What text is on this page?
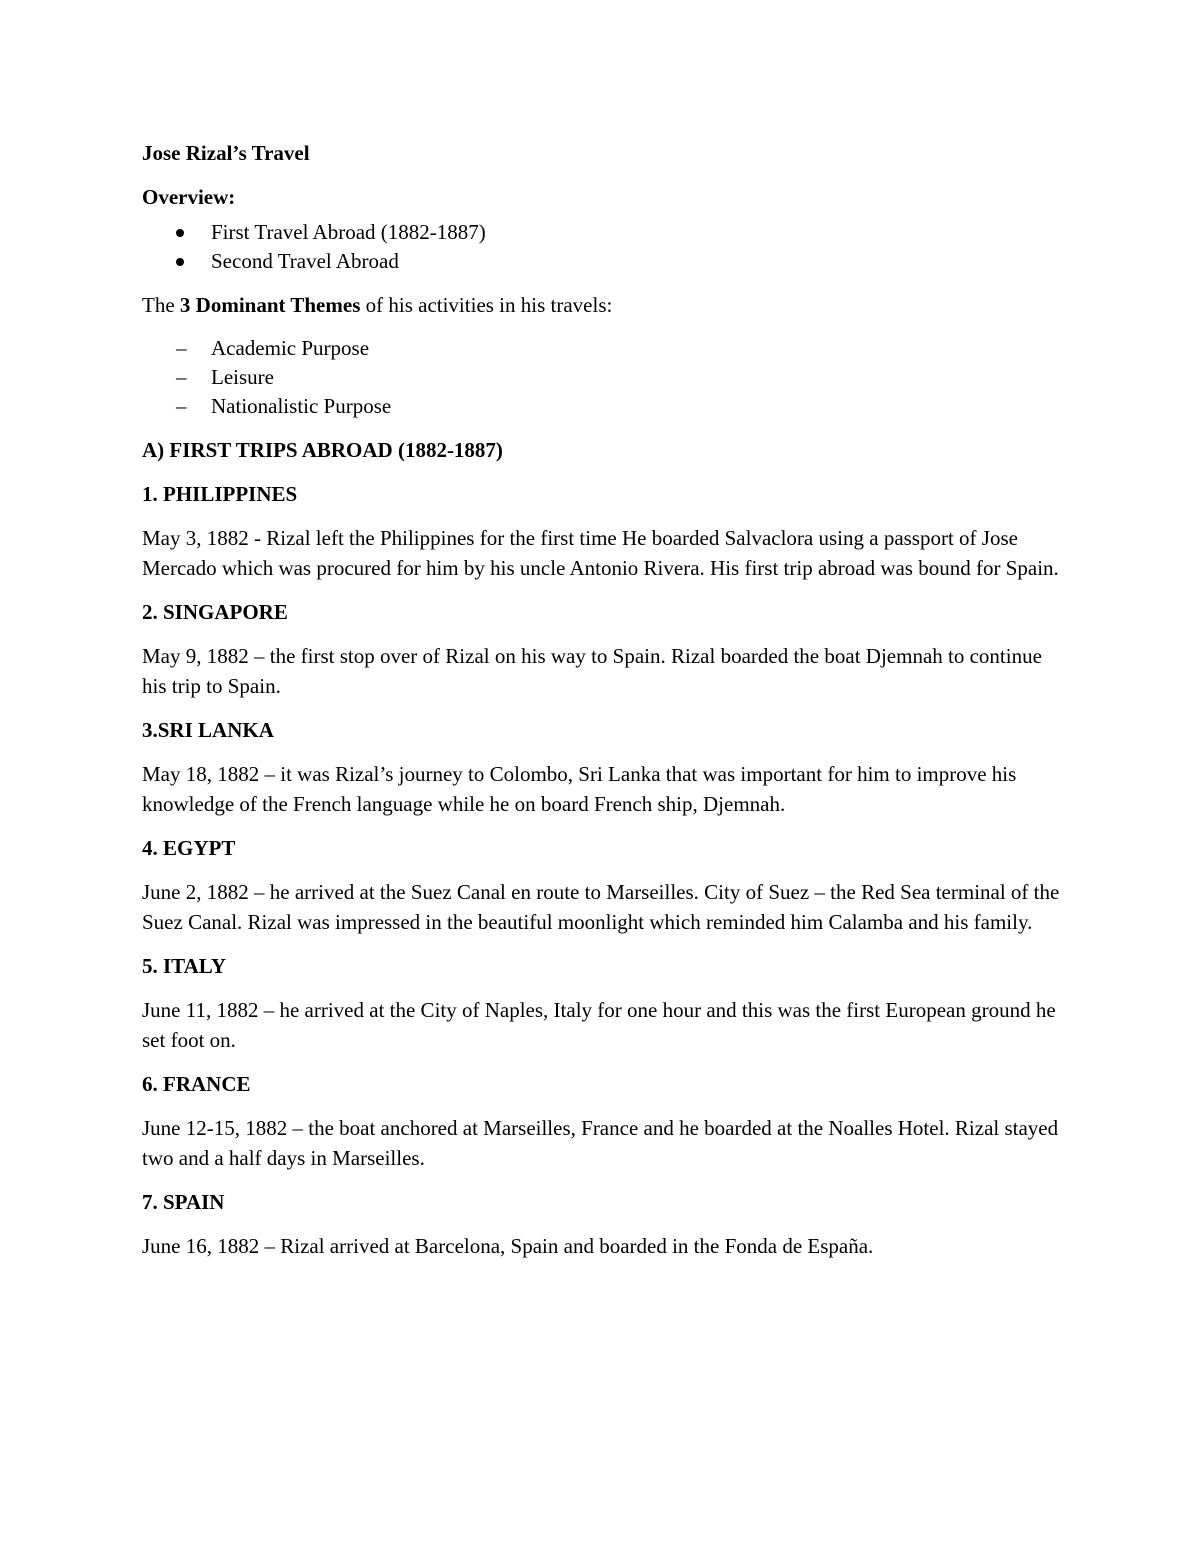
Jose Rizal’s Travel
Overview:
First Travel Abroad (1882-1887)
Second Travel Abroad
The 3 Dominant Themes of his activities in his travels:
– Academic Purpose
– Leisure
– Nationalistic Purpose
A) FIRST TRIPS ABROAD (1882-1887)
1. PHILIPPINES
May 3, 1882 - Rizal left the Philippines for the first time He boarded Salvaclora using a passport of Jose Mercado which was procured for him by his uncle Antonio Rivera. His first trip abroad was bound for Spain.
2. SINGAPORE
May 9, 1882 – the first stop over of Rizal on his way to Spain. Rizal boarded the boat Djemnah to continue his trip to Spain.
3.SRI LANKA
May 18, 1882 – it was Rizal’s journey to Colombo, Sri Lanka that was important for him to improve his knowledge of the French language while he on board French ship, Djemnah.
4. EGYPT
June 2, 1882 – he arrived at the Suez Canal en route to Marseilles. City of Suez – the Red Sea terminal of the Suez Canal. Rizal was impressed in the beautiful moonlight which reminded him Calamba and his family.
5. ITALY
June 11, 1882 – he arrived at the City of Naples, Italy for one hour and this was the first European ground he set foot on.
6. FRANCE
June 12-15, 1882 – the boat anchored at Marseilles, France and he boarded at the Noalles Hotel. Rizal stayed two and a half days in Marseilles.
7. SPAIN
June 16, 1882 – Rizal arrived at Barcelona, Spain and boarded in the Fonda de España.
